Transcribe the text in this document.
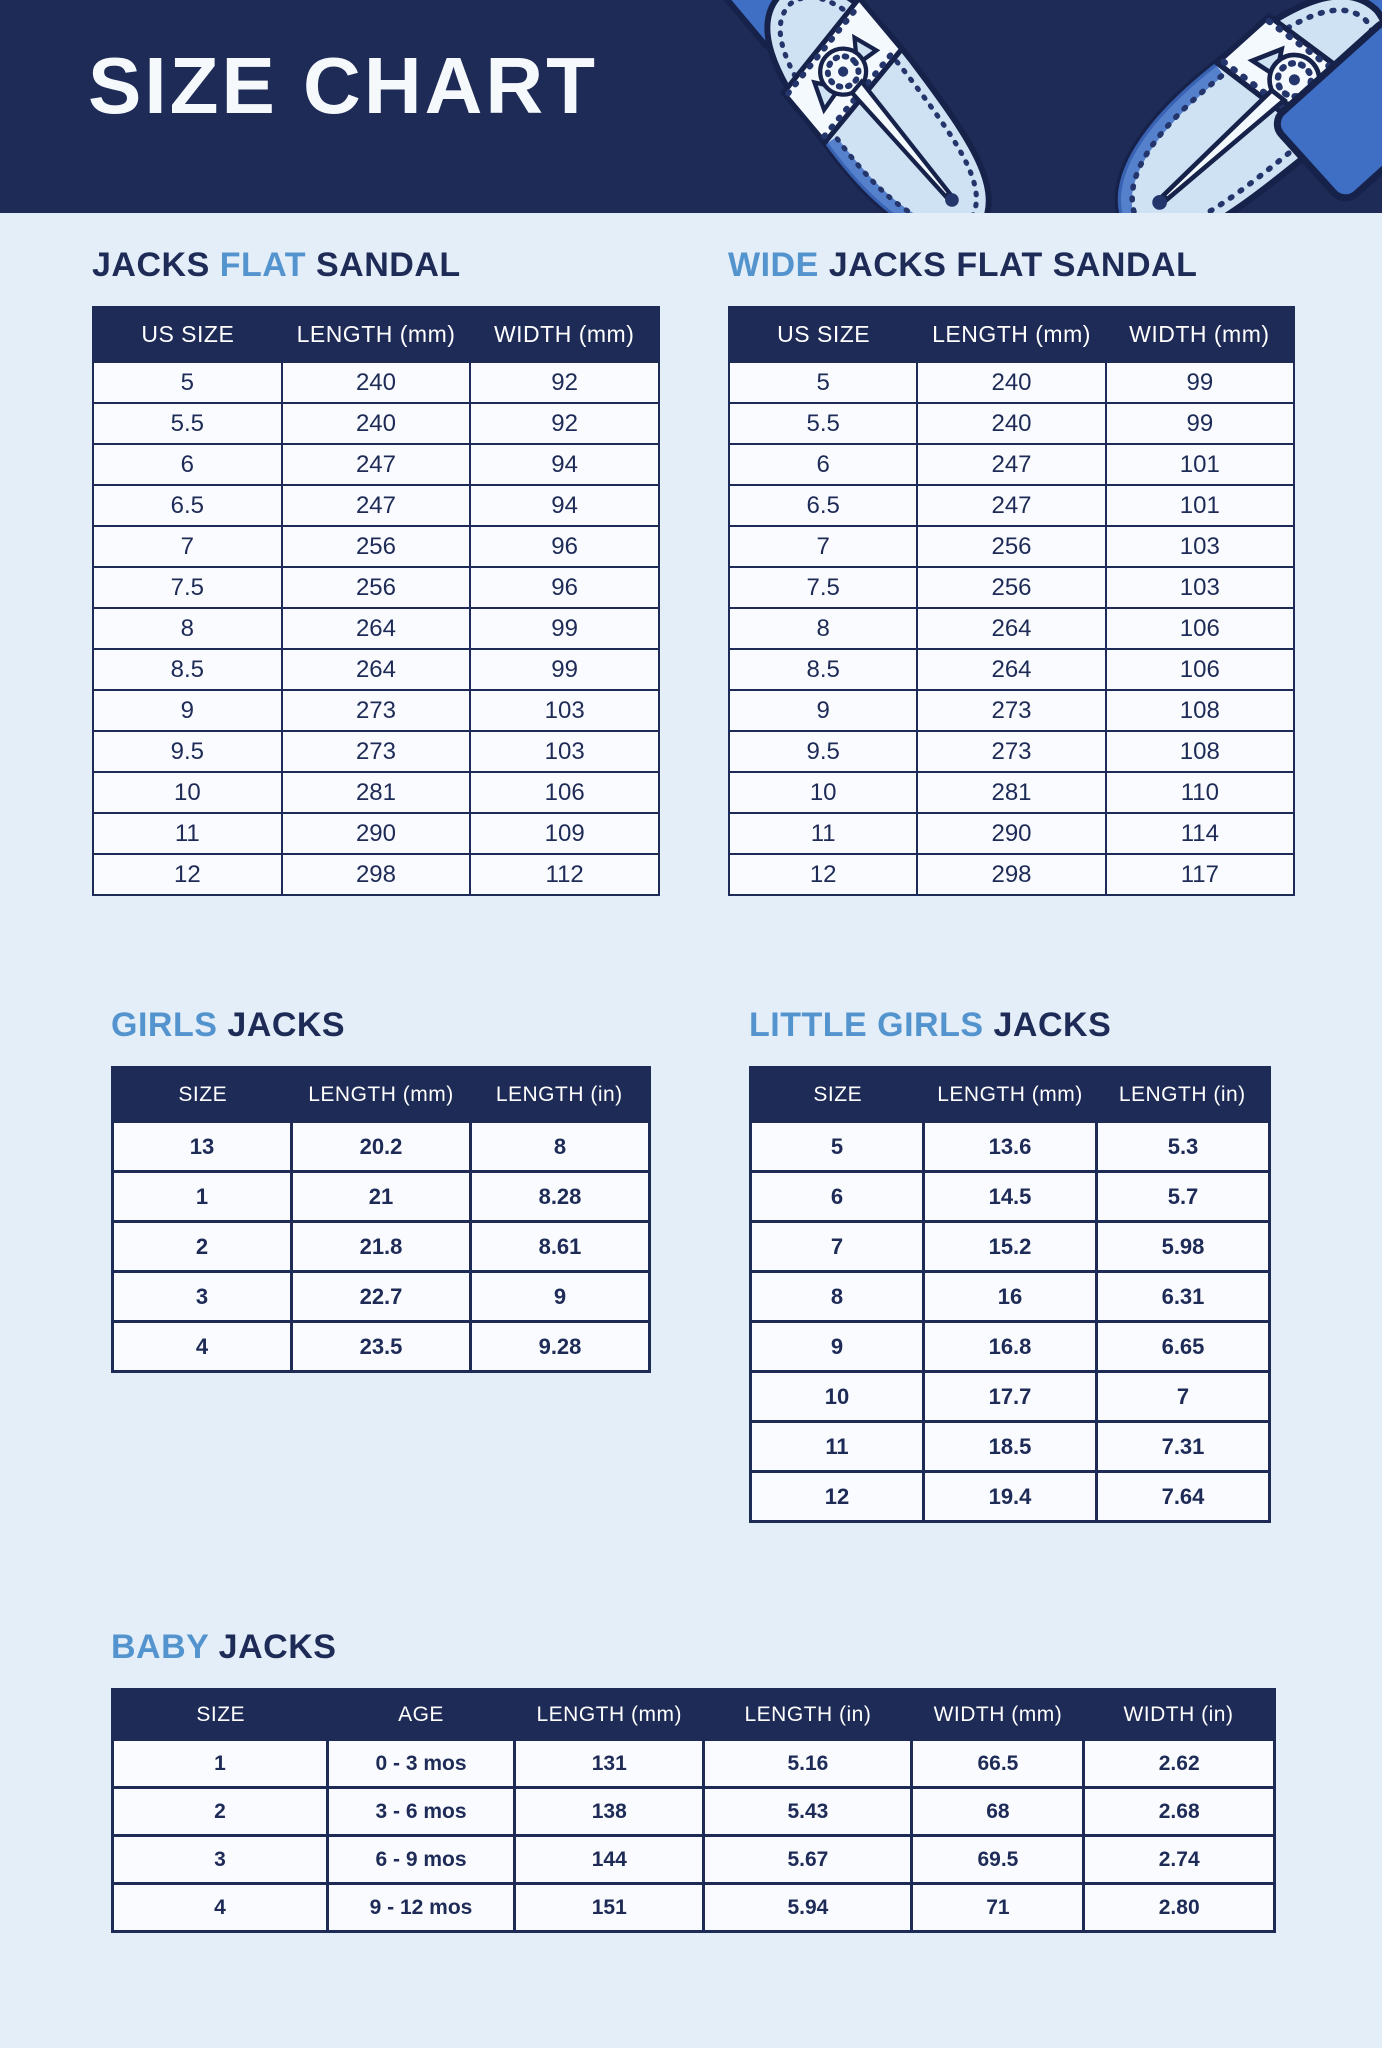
SIZE CHART
JACKS FLAT SANDAL
US SIZE	LENGTH (mm)	WIDTH (mm)
5	240	92
5.5	240	92
6	247	94
6.5	247	94
7	256	96
7.5	256	96
8	264	99
8.5	264	99
9	273	103
9.5	273	103
10	281	106
11	290	109
12	298	112
WIDE JACKS FLAT SANDAL
US SIZE	LENGTH (mm)	WIDTH (mm)
5	240	99
5.5	240	99
6	247	101
6.5	247	101
7	256	103
7.5	256	103
8	264	106
8.5	264	106
9	273	108
9.5	273	108
10	281	110
11	290	114
12	298	117
GIRLS JACKS
SIZE	LENGTH (mm)	LENGTH (in)
13	20.2	8
1	21	8.28
2	21.8	8.61
3	22.7	9
4	23.5	9.28
LITTLE GIRLS JACKS
SIZE	LENGTH (mm)	LENGTH (in)
5	13.6	5.3
6	14.5	5.7
7	15.2	5.98
8	16	6.31
9	16.8	6.65
10	17.7	7
11	18.5	7.31
12	19.4	7.64
BABY JACKS
SIZE	AGE	LENGTH (mm)	LENGTH (in)	WIDTH (mm)	WIDTH (in)
1	0 - 3 mos	131	5.16	66.5	2.62
2	3 - 6 mos	138	5.43	68	2.68
3	6 - 9 mos	144	5.67	69.5	2.74
4	9 - 12 mos	151	5.94	71	2.80
